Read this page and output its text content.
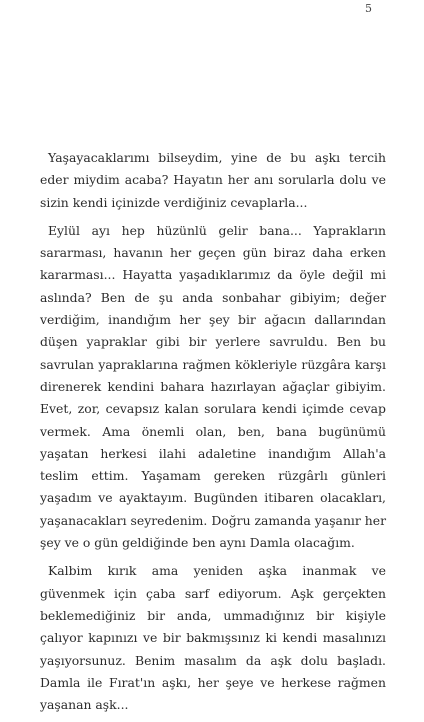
5

Yaşayacaklarımı bilseydim, yine de bu aşkı tercih eder miydim acaba? Hayatın her anı sorularla dolu ve sizin kendi içinizde verdiğiniz cevaplarla...

Eylül ayı hep hüzünlü gelir bana... Yaprakların sararması, havanın her geçen gün biraz daha erken kararması... Hayatta yaşadıklarımız da öyle değil mi aslında? Ben de şu anda sonbahar gibiyim; değer verdiğim, inandığım her şey bir ağacın dallarından düşen yapraklar gibi bir yerlere savruldu. Ben bu savrulan yapraklarına rağmen kökleriyle rüzgâra karşı direnerek kendini bahara hazırlayan ağaçlar gibiyim. Evet, zor, cevapsız kalan sorulara kendi içimde cevap vermek. Ama önemli olan, ben, bana bugünümü yaşatan herkesi ilahi adaletine inandığım Allah'a teslim ettim. Yaşamam gereken rüzgârlı günleri yaşadım ve ayaktayım. Bugünden itibaren olacakları, yaşanacakları seyredenim. Doğru zamanda yaşanır her şey ve o gün geldiğinde ben aynı Damla olacağım.

Kalbim kırık ama yeniden aşka inanmak ve güvenmek için çaba sarf ediyorum. Aşk gerçekten beklemediğiniz bir anda, ummadığınız bir kişiyle çalıyor kapınızı ve bir bakmışsınız ki kendi masalınızı yaşıyorsunuz. Benim masalım da aşk dolu başladı. Damla ile Fırat'ın aşkı, her şeye ve herkese rağmen yaşanan aşk...
